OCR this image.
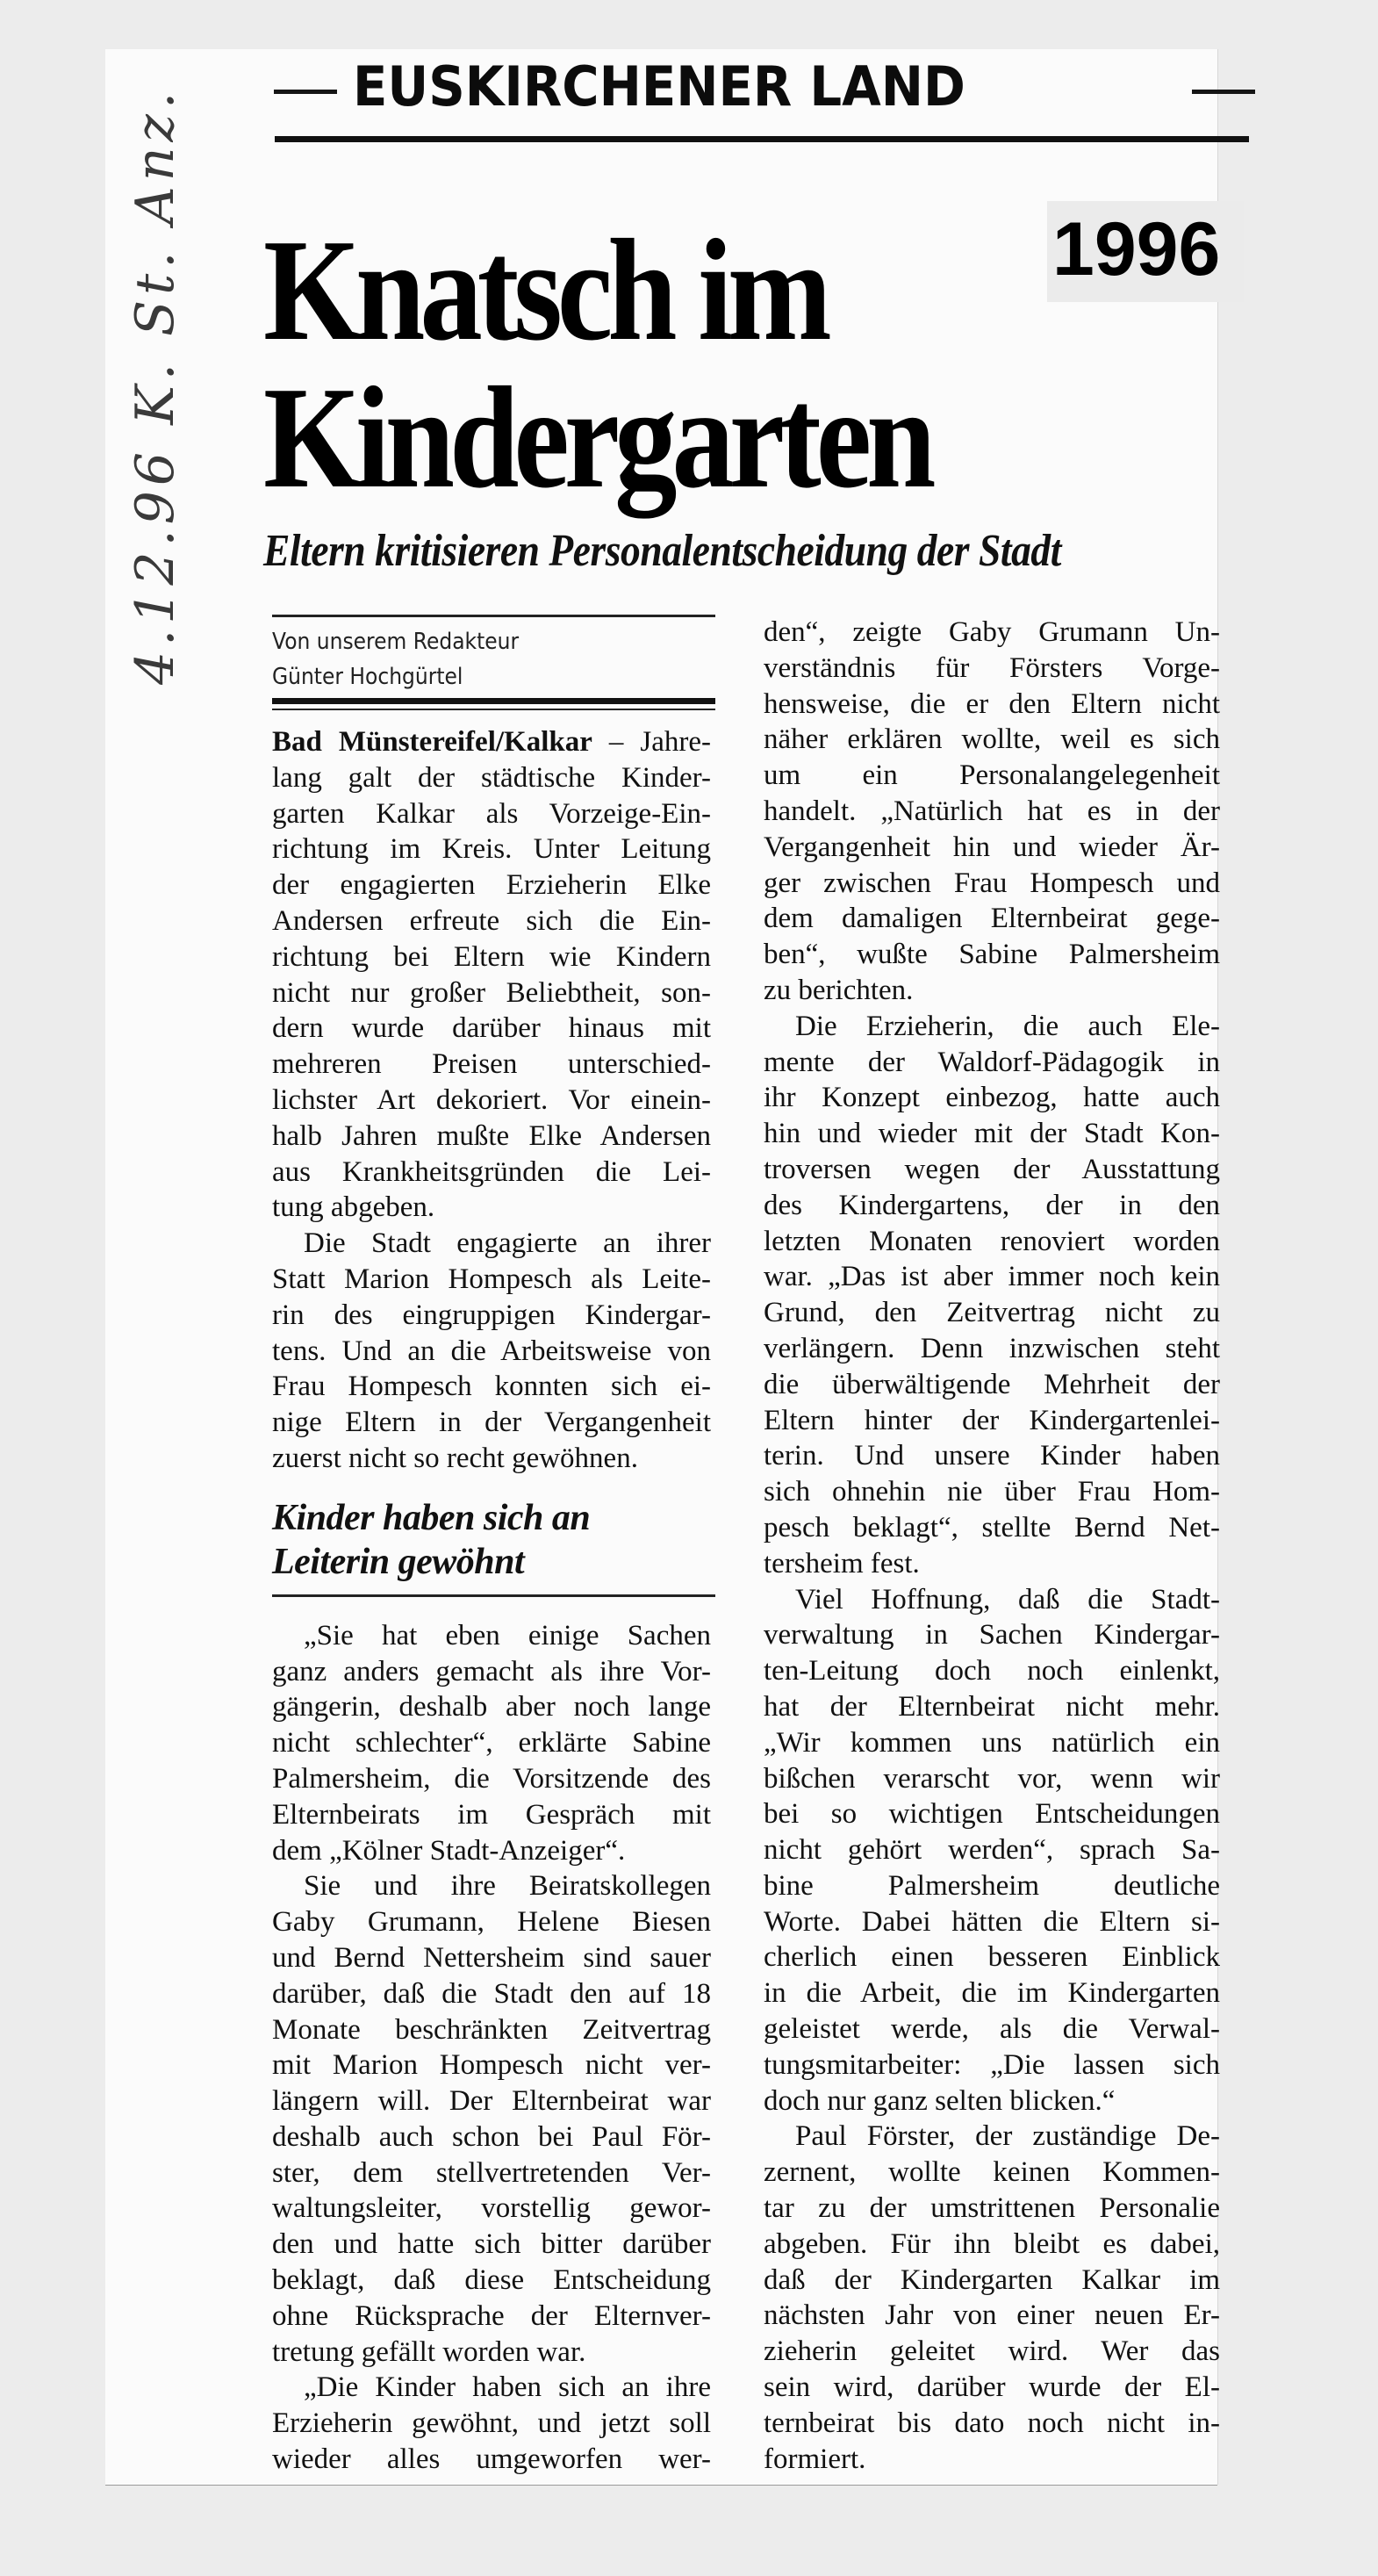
4.12.96 K. St. Anz.
EUSKIRCHENER LAND
1996
Knatsch im
Kindergarten
Eltern kritisieren Personalentscheidung der Stadt
Von unserem Redakteur
Günter Hochgürtel
Bad Münstereifel/Kalkar – Jahre-
lang galt der städtische Kinder-
garten Kalkar als Vorzeige-Ein-
richtung im Kreis. Unter Leitung
der engagierten Erzieherin Elke
Andersen erfreute sich die Ein-
richtung bei Eltern wie Kindern
nicht nur großer Beliebtheit, son-
dern wurde darüber hinaus mit
mehreren Preisen unterschied-
lichster Art dekoriert. Vor einein-
halb Jahren mußte Elke Andersen
aus Krankheitsgründen die Lei-
tung abgeben.
Die Stadt engagierte an ihrer
Statt Marion Hompesch als Leite-
rin des eingruppigen Kindergar-
tens. Und an die Arbeitsweise von
Frau Hompesch konnten sich ei-
nige Eltern in der Vergangenheit
zuerst nicht so recht gewöhnen.
Kinder haben sich an
Leiterin gewöhnt
„Sie hat eben einige Sachen
ganz anders gemacht als ihre Vor-
gängerin, deshalb aber noch lange
nicht schlechter“, erklärte Sabine
Palmersheim, die Vorsitzende des
Elternbeirats im Gespräch mit
dem „Kölner Stadt-Anzeiger“.
Sie und ihre Beiratskollegen
Gaby Grumann, Helene Biesen
und Bernd Nettersheim sind sauer
darüber, daß die Stadt den auf 18
Monate beschränkten Zeitvertrag
mit Marion Hompesch nicht ver-
längern will. Der Elternbeirat war
deshalb auch schon bei Paul För-
ster, dem stellvertretenden Ver-
waltungsleiter, vorstellig gewor-
den und hatte sich bitter darüber
beklagt, daß diese Entscheidung
ohne Rücksprache der Elternver-
tretung gefällt worden war.
„Die Kinder haben sich an ihre
Erzieherin gewöhnt, und jetzt soll
wieder alles umgeworfen wer-
den“, zeigte Gaby Grumann Un-
verständnis für Försters Vorge-
hensweise, die er den Eltern nicht
näher erklären wollte, weil es sich
um ein Personalangelegenheit
handelt. „Natürlich hat es in der
Vergangenheit hin und wieder Är-
ger zwischen Frau Hompesch und
dem damaligen Elternbeirat gege-
ben“, wußte Sabine Palmersheim
zu berichten.
Die Erzieherin, die auch Ele-
mente der Waldorf-Pädagogik in
ihr Konzept einbezog, hatte auch
hin und wieder mit der Stadt Kon-
troversen wegen der Ausstattung
des Kindergartens, der in den
letzten Monaten renoviert worden
war. „Das ist aber immer noch kein
Grund, den Zeitvertrag nicht zu
verlängern. Denn inzwischen steht
die überwältigende Mehrheit der
Eltern hinter der Kindergartenlei-
terin. Und unsere Kinder haben
sich ohnehin nie über Frau Hom-
pesch beklagt“, stellte Bernd Net-
tersheim fest.
Viel Hoffnung, daß die Stadt-
verwaltung in Sachen Kindergar-
ten-Leitung doch noch einlenkt,
hat der Elternbeirat nicht mehr.
„Wir kommen uns natürlich ein
bißchen verarscht vor, wenn wir
bei so wichtigen Entscheidungen
nicht gehört werden“, sprach Sa-
bine Palmersheim deutliche
Worte. Dabei hätten die Eltern si-
cherlich einen besseren Einblick
in die Arbeit, die im Kindergarten
geleistet werde, als die Verwal-
tungsmitarbeiter: „Die lassen sich
doch nur ganz selten blicken.“
Paul Förster, der zuständige De-
zernent, wollte keinen Kommen-
tar zu der umstrittenen Personalie
abgeben. Für ihn bleibt es dabei,
daß der Kindergarten Kalkar im
nächsten Jahr von einer neuen Er-
zieherin geleitet wird. Wer das
sein wird, darüber wurde der El-
ternbeirat bis dato noch nicht in-
formiert.
